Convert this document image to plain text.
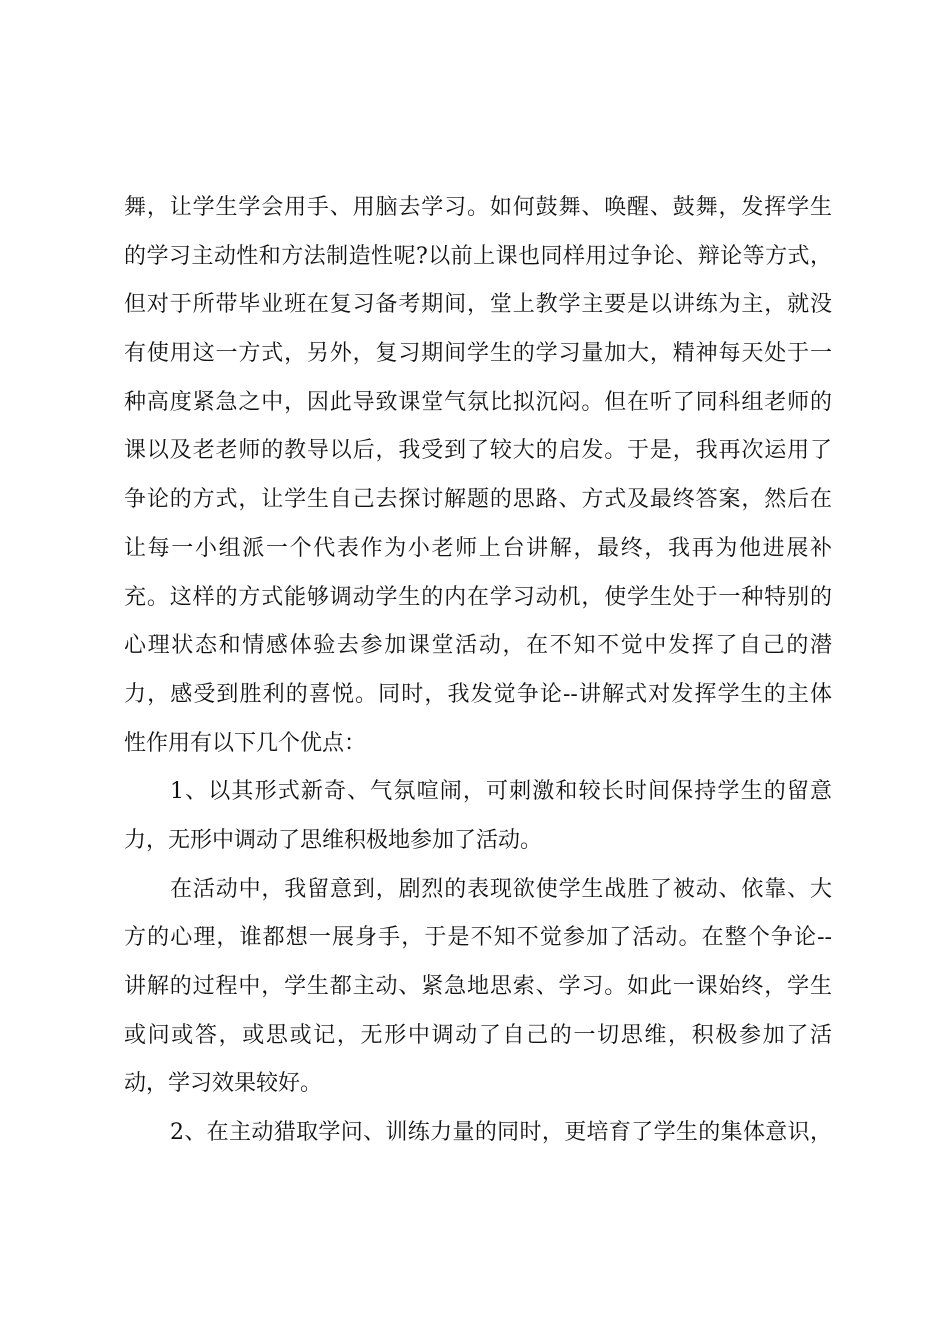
舞，让学生学会用手、用脑去学习。如何鼓舞、唤醒、鼓舞，发挥学生
的学习主动性和方法制造性呢?以前上课也同样用过争论、辩论等方式，
但对于所带毕业班在复习备考期间，堂上教学主要是以讲练为主，就没
有使用这一方式，另外，复习期间学生的学习量加大，精神每天处于一
种高度紧急之中，因此导致课堂气氛比拟沉闷。但在听了同科组老师的
课以及老老师的教导以后，我受到了较大的启发。于是，我再次运用了
争论的方式，让学生自己去探讨解题的思路、方式及最终答案，然后在
让每一小组派一个代表作为小老师上台讲解，最终，我再为他进展补
充。这样的方式能够调动学生的内在学习动机，使学生处于一种特别的
心理状态和情感体验去参加课堂活动，在不知不觉中发挥了自己的潜
力，感受到胜利的喜悦。同时，我发觉争论--讲解式对发挥学生的主体
性作用有以下几个优点：
1、以其形式新奇、气氛喧闹，可刺激和较长时间保持学生的留意
力，无形中调动了思维积极地参加了活动。
在活动中，我留意到，剧烈的表现欲使学生战胜了被动、依靠、大
方的心理，谁都想一展身手，于是不知不觉参加了活动。在整个争论--
讲解的过程中，学生都主动、紧急地思索、学习。如此一课始终，学生
或问或答，或思或记，无形中调动了自己的一切思维，积极参加了活
动，学习效果较好。
2、在主动猎取学问、训练力量的同时，更培育了学生的集体意识，
